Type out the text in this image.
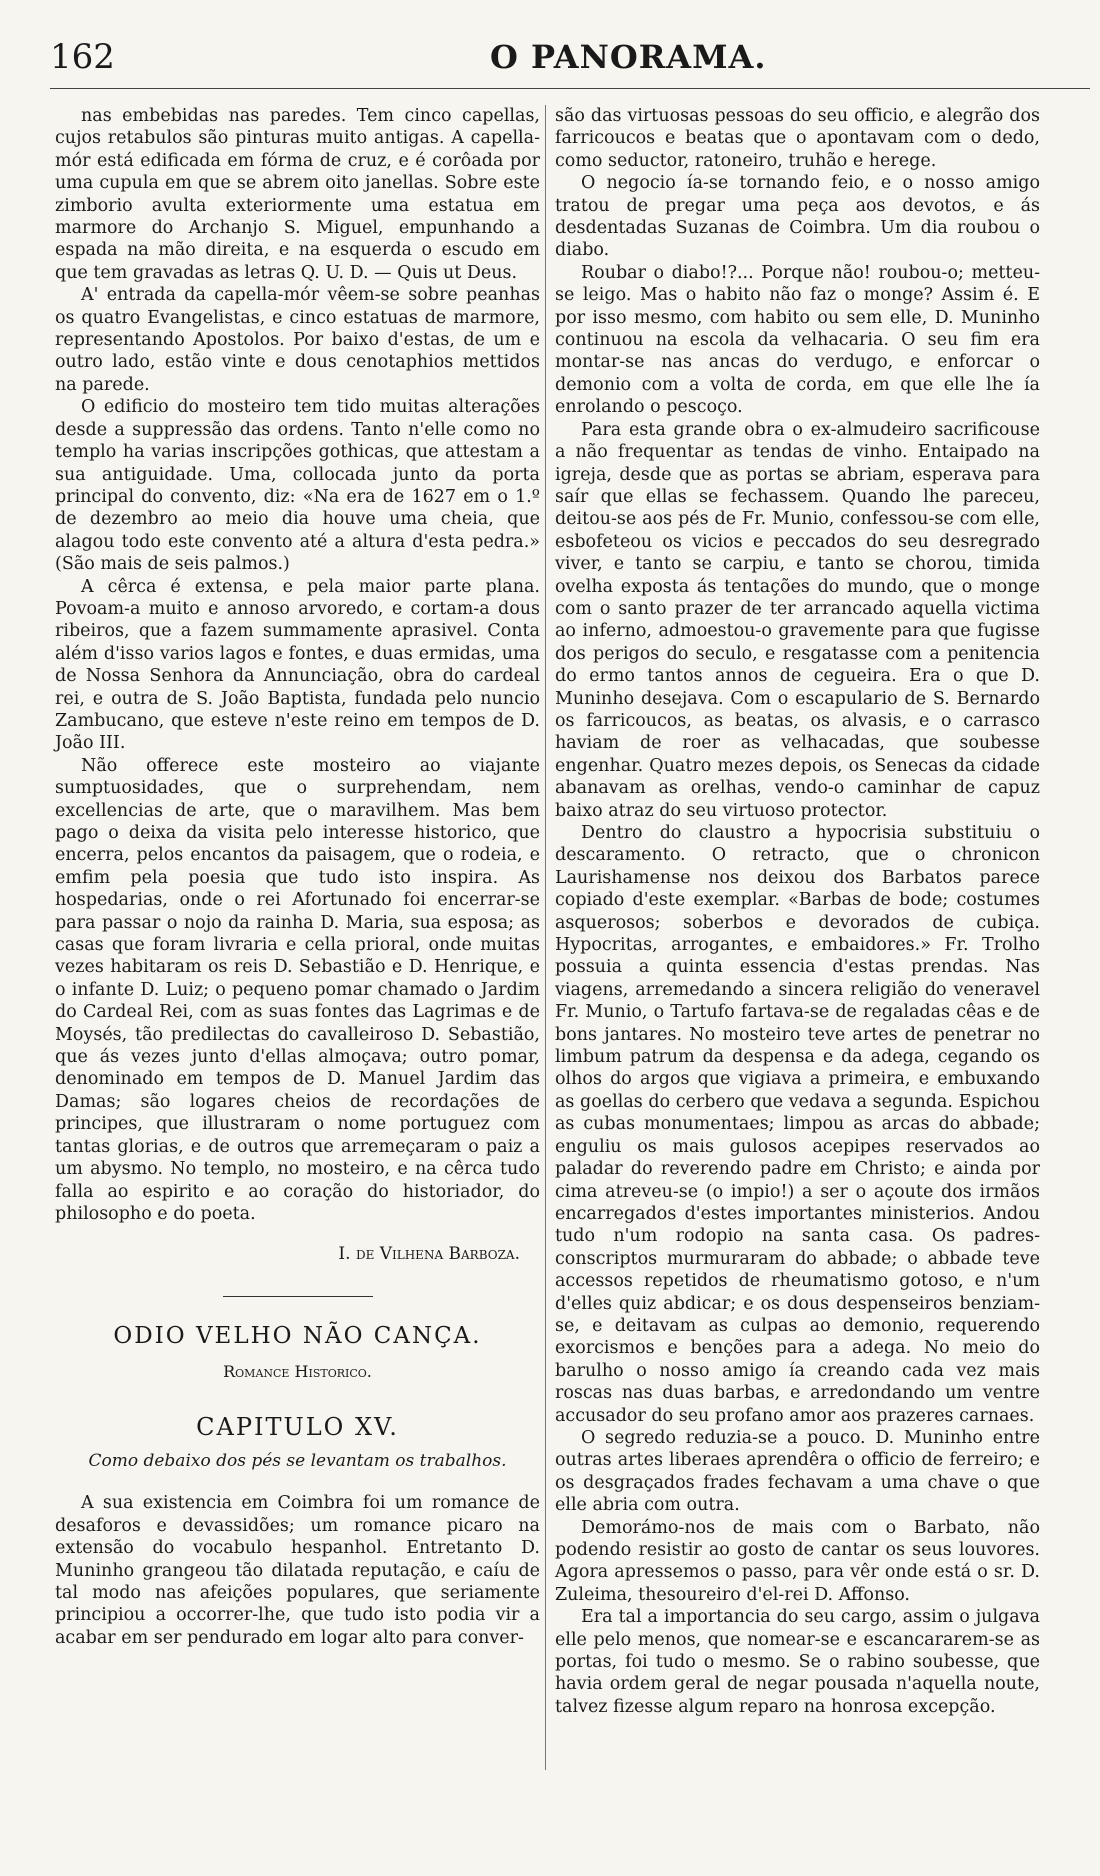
162	O PANORAMA.

nas embebidas nas paredes. Tem cinco capellas, cujos retabulos são pinturas muito antigas. A capella-mór está edificada em fórma de cruz, e é corôada por uma cupula em que se abrem oito janellas. Sobre este zimborio avulta exteriormente uma estatua em marmore do Archanjo S. Miguel, empunhando a espada na mão direita, e na esquerda o escudo em que tem gravadas as letras Q. U. D. — Quis ut Deus.

A' entrada da capella-mór vêem-se sobre peanhas os quatro Evangelistas, e cinco estatuas de marmore, representando Apostolos. Por baixo d'estas, de um e outro lado, estão vinte e dous cenotaphios mettidos na parede.

O edificio do mosteiro tem tido muitas alterações desde a suppressão das ordens. Tanto n'elle como no templo ha varias inscripções gothicas, que attestam a sua antiguidade. Uma, collocada junto da porta principal do convento, diz: «Na era de 1627 em o 1.º de dezembro ao meio dia houve uma cheia, que alagou todo este convento até a altura d'esta pedra.» (São mais de seis palmos.)

A cêrca é extensa, e pela maior parte plana. Povoam-a muito e annoso arvoredo, e cortam-a dous ribeiros, que a fazem summamente aprasivel. Conta além d'isso varios lagos e fontes, e duas ermidas, uma de Nossa Senhora da Annunciação, obra do cardeal rei, e outra de S. João Baptista, fundada pelo nuncio Zambucano, que esteve n'este reino em tempos de D. João III.

Não offerece este mosteiro ao viajante sumptuosidades, que o surprehendam, nem excellencias de arte, que o maravilhem. Mas bem pago o deixa da visita pelo interesse historico, que encerra, pelos encantos da paisagem, que o rodeia, e emfim pela poesia que tudo isto inspira. As hospedarias, onde o rei Afortunado foi encerrar-se para passar o nojo da rainha D. Maria, sua esposa; as casas que foram livraria e cella prioral, onde muitas vezes habitaram os reis D. Sebastião e D. Henrique, e o infante D. Luiz; o pequeno pomar chamado o Jardim do Cardeal Rei, com as suas fontes das Lagrimas e de Moysés, tão predilectas do cavalleiroso D. Sebastião, que ás vezes junto d'ellas almoçava; outro pomar, denominado em tempos de D. Manuel Jardim das Damas; são logares cheios de recordações de principes, que illustraram o nome portuguez com tantas glorias, e de outros que arremeçaram o paiz a um abysmo. No templo, no mosteiro, e na cêrca tudo falla ao espirito e ao coração do historiador, do philosopho e do poeta.

I. de Vilhena Barboza.
ODIO VELHO NÃO CANÇA.
Romance Historico.
CAPITULO XV.
Como debaixo dos pés se levantam os trabalhos.

A sua existencia em Coimbra foi um romance de desaforos e devassidões; um romance picaro na extensão do vocabulo hespanhol. Entretanto D. Muninho grangeou tão dilatada reputação, e caíu de tal modo nas afeições populares, que seriamente principiou a occorrer-lhe, que tudo isto podia vir a acabar em ser pendurado em logar alto para conver-

são das virtuosas pessoas do seu officio, e alegrão dos farricoucos e beatas que o apontavam com o dedo, como seductor, ratoneiro, truhão e herege.

O negocio ía-se tornando feio, e o nosso amigo tratou de pregar uma peça aos devotos, e ás desdentadas Suzanas de Coimbra. Um dia roubou o diabo.

Roubar o diabo!?... Porque não! roubou-o; metteu-se leigo. Mas o habito não faz o monge? Assim é. E por isso mesmo, com habito ou sem elle, D. Muninho continuou na escola da velhacaria. O seu fim era montar-se nas ancas do verdugo, e enforcar o demonio com a volta de corda, em que elle lhe ía enrolando o pescoço.

Para esta grande obra o ex-almudeiro sacrificouse a não frequentar as tendas de vinho. Entaipado na igreja, desde que as portas se abriam, esperava para saír que ellas se fechassem. Quando lhe pareceu, deitou-se aos pés de Fr. Munio, confessou-se com elle, esbofeteou os vicios e peccados do seu desregrado viver, e tanto se carpiu, e tanto se chorou, timida ovelha exposta ás tentações do mundo, que o monge com o santo prazer de ter arrancado aquella victima ao inferno, admoestou-o gravemente para que fugisse dos perigos do seculo, e resgatasse com a penitencia do ermo tantos annos de cegueira. Era o que D. Muninho desejava. Com o escapulario de S. Bernardo os farricoucos, as beatas, os alvasis, e o carrasco haviam de roer as velhacadas, que soubesse engenhar. Quatro mezes depois, os Senecas da cidade abanavam as orelhas, vendo-o caminhar de capuz baixo atraz do seu virtuoso protector.

Dentro do claustro a hypocrisia substituiu o descaramento. O retracto, que o chronicon Laurishamense nos deixou dos Barbatos parece copiado d'este exemplar. «Barbas de bode; costumes asquerosos; soberbos e devorados de cubiça. Hypocritas, arrogantes, e embaidores.» Fr. Trolho possuia a quinta essencia d'estas prendas. Nas viagens, arremedando a sincera religião do veneravel Fr. Munio, o Tartufo fartava-se de regaladas cêas e de bons jantares. No mosteiro teve artes de penetrar no limbum patrum da despensa e da adega, cegando os olhos do argos que vigiava a primeira, e embuxando as goellas do cerbero que vedava a segunda. Espichou as cubas monumentaes; limpou as arcas do abbade; enguliu os mais gulosos acepipes reservados ao paladar do reverendo padre em Christo; e ainda por cima atreveu-se (o impio!) a ser o açoute dos irmãos encarregados d'estes importantes ministerios. Andou tudo n'um rodopio na santa casa. Os padres-conscriptos murmuraram do abbade; o abbade teve accessos repetidos de rheumatismo gotoso, e n'um d'elles quiz abdicar; e os dous despenseiros benziam-se, e deitavam as culpas ao demonio, requerendo exorcismos e benções para a adega. No meio do barulho o nosso amigo ía creando cada vez mais roscas nas duas barbas, e arredondando um ventre accusador do seu profano amor aos prazeres carnaes.

O segredo reduzia-se a pouco. D. Muninho entre outras artes liberaes aprendêra o officio de ferreiro; e os desgraçados frades fechavam a uma chave o que elle abria com outra.

Demorámo-nos de mais com o Barbato, não podendo resistir ao gosto de cantar os seus louvores. Agora apressemos o passo, para vêr onde está o sr. D. Zuleima, thesoureiro d'el-rei D. Affonso.

Era tal a importancia do seu cargo, assim o julgava elle pelo menos, que nomear-se e escancararem-se as portas, foi tudo o mesmo. Se o rabino soubesse, que havia ordem geral de negar pousada n'aquella noute, talvez fizesse algum reparo na honrosa excepção.
